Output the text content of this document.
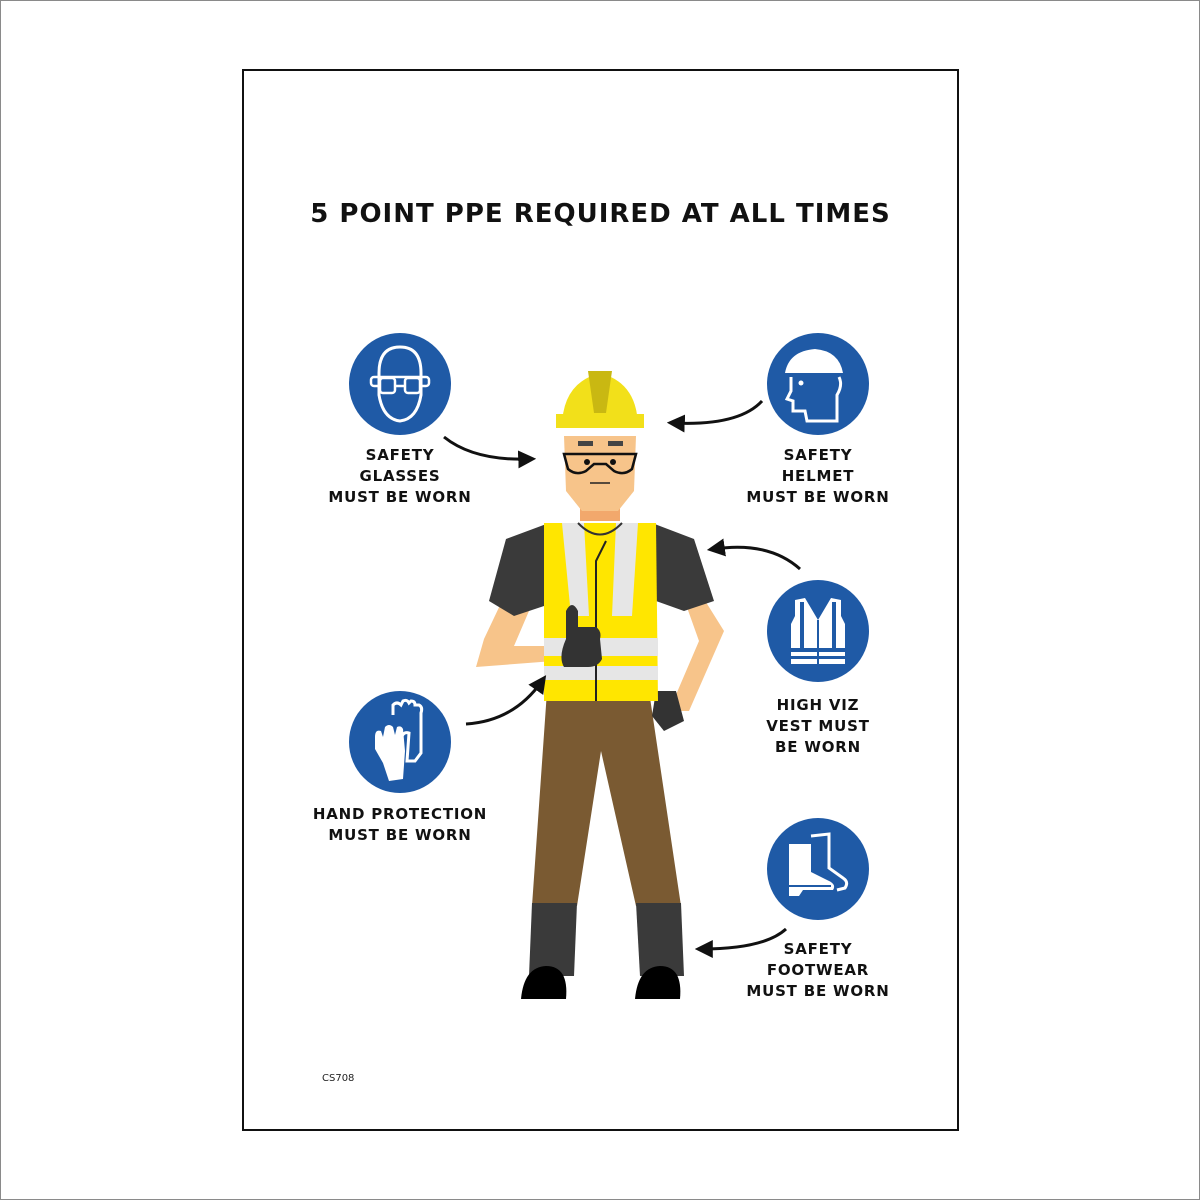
5 POINT PPE REQUIRED AT ALL TIMES
SAFETY
GLASSES
MUST BE WORN
SAFETY
HELMET
MUST BE WORN
HIGH VIZ
VEST MUST
BE WORN
HAND PROTECTION
MUST BE WORN
SAFETY
FOOTWEAR
MUST BE WORN
CS708
